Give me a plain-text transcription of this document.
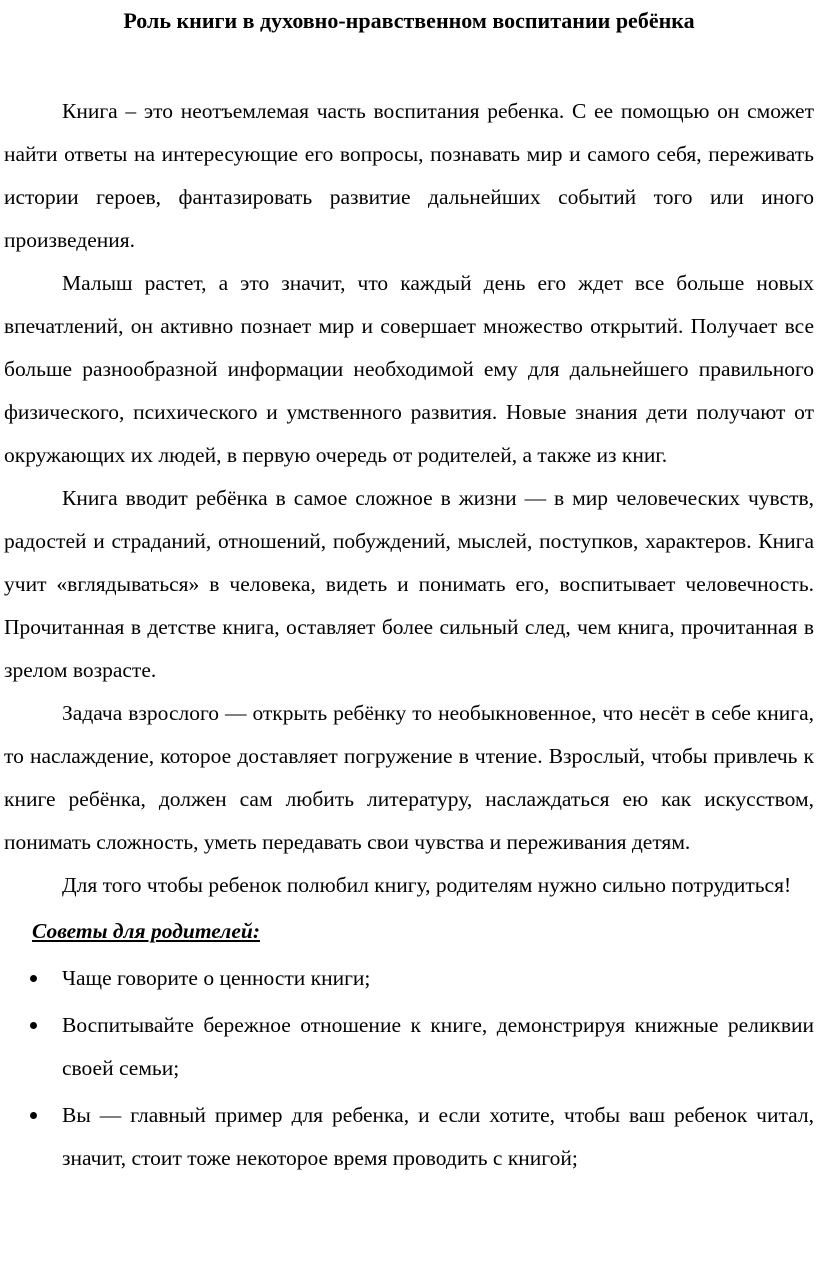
Роль книги в духовно-нравственном воспитании ребёнка

Книга – это неотъемлемая часть воспитания ребенка. С ее помощью он сможет найти ответы на интересующие его вопросы, познавать мир и самого себя, переживать истории героев, фантазировать развитие дальнейших событий того или иного произведения.

Малыш растет, а это значит, что каждый день его ждет все больше новых впечатлений, он активно познает мир и совершает множество открытий. Получает все больше разнообразной информации необходимой ему для дальнейшего правильного физического, психического и умственного развития. Новые знания дети получают от окружающих их людей, в первую очередь от родителей, а также из книг.

Книга вводит ребёнка в самое сложное в жизни — в мир человеческих чувств, радостей и страданий, отношений, побуждений, мыслей, поступков, характеров. Книга учит «вглядываться» в человека, видеть и понимать его, воспитывает человечность. Прочитанная в детстве книга, оставляет более сильный след, чем книга, прочитанная в зрелом возрасте.

Задача взрослого — открыть ребёнку то необыкновенное, что несёт в себе книга, то наслаждение, которое доставляет погружение в чтение. Взрослый, чтобы привлечь к книге ребёнка, должен сам любить литературу, наслаждаться ею как искусством, понимать сложность, уметь передавать свои чувства и переживания детям.

Для того чтобы ребенок полюбил книгу, родителям нужно сильно потрудиться!

Советы для родителей:
Чаще говорите о ценности книги;
Воспитывайте бережное отношение к книге, демонстрируя книжные реликвии своей семьи;
Вы — главный пример для ребенка, и если хотите, чтобы ваш ребенок читал, значит, стоит тоже некоторое время проводить с книгой;
